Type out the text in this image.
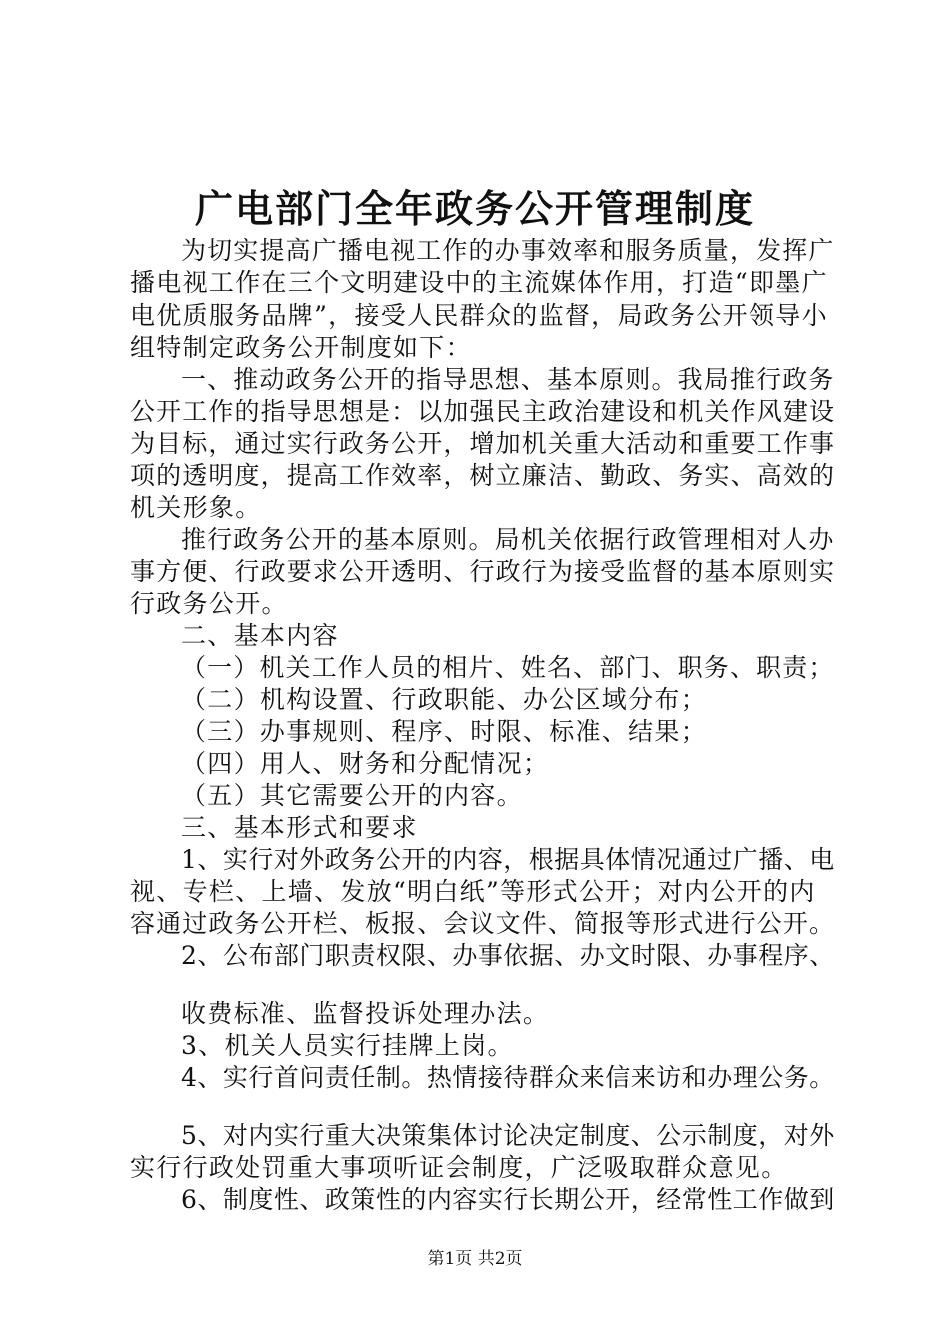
广电部门全年政务公开管理制度
为切实提高广播电视工作的办事效率和服务质量，发挥广
播电视工作在三个文明建设中的主流媒体作用，打造“即墨广
电优质服务品牌”，接受人民群众的监督，局政务公开领导小
组特制定政务公开制度如下：
一、推动政务公开的指导思想、基本原则。我局推行政务
公开工作的指导思想是：以加强民主政治建设和机关作风建设
为目标，通过实行政务公开，增加机关重大活动和重要工作事
项的透明度，提高工作效率，树立廉洁、勤政、务实、高效的
机关形象。
推行政务公开的基本原则。局机关依据行政管理相对人办
事方便、行政要求公开透明、行政行为接受监督的基本原则实
行政务公开。
二、基本内容
（一）机关工作人员的相片、姓名、部门、职务、职责；
（二）机构设置、行政职能、办公区域分布；
（三）办事规则、程序、时限、标准、结果；
（四）用人、财务和分配情况；
（五）其它需要公开的内容。
三、基本形式和要求
1、实行对外政务公开的内容，根据具体情况通过广播、电
视、专栏、上墙、发放“明白纸”等形式公开；对内公开的内
容通过政务公开栏、板报、会议文件、简报等形式进行公开。
2、公布部门职责权限、办事依据、办文时限、办事程序、
收费标准、监督投诉处理办法。
3、机关人员实行挂牌上岗。
4、实行首问责任制。热情接待群众来信来访和办理公务。
5、对内实行重大决策集体讨论决定制度、公示制度，对外
实行行政处罚重大事项听证会制度，广泛吸取群众意见。
6、制度性、政策性的内容实行长期公开，经常性工作做到
第1页 共2页
